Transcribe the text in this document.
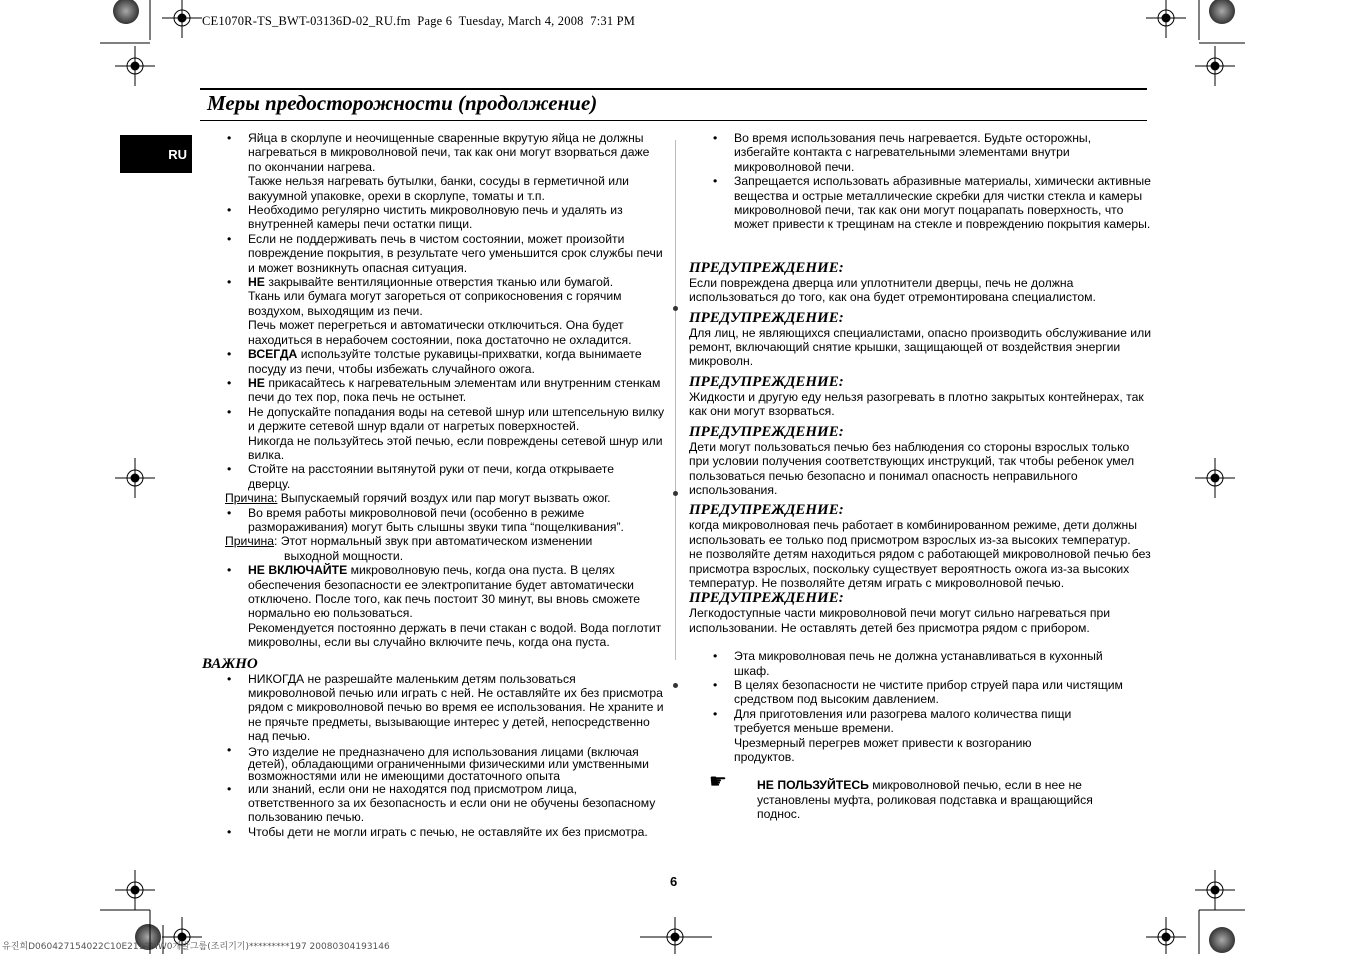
CE1070R-TS_BWT-03136D-02_RU.fm  Page 6  Tuesday, March 4, 2008  7:31 PM
Меры предосторожности (продолжение)
RU
• Яйца в скорлупе и неочищенные сваренные вкрутую яйца не должны нагреваться в микроволновой печи, так как они могут взорваться даже по окончании нагрева.
Также нельзя нагревать бутылки, банки, сосуды в герметичной или вакуумной упаковке, орехи в скорлупе, томаты и т.п.
• Необходимо регулярно чистить микроволновую печь и удалять из внутренней камеры печи остатки пищи.
• Если не поддерживать печь в чистом состоянии, может произойти повреждение покрытия, в результате чего уменьшится срок службы печи и может возникнуть опасная ситуация.
• НЕ закрывайте вентиляционные отверстия тканью или бумагой.
Ткань или бумага могут загореться от соприкосновения с горячим воздухом, выходящим из печи.
Печь может перегреться и автоматически отключиться. Она будет находиться в нерабочем состоянии, пока достаточно не охладится.
• ВСЕГДА используйте толстые рукавицы-прихватки, когда вынимаете посуду из печи, чтобы избежать случайного ожога.
• НЕ прикасайтесь к нагревательным элементам или внутренним стенкам печи до тех пор, пока печь не остынет.
• Не допускайте попадания воды на сетевой шнур или штепсельную вилку и держите сетевой шнур вдали от нагретых поверхностей.
Никогда не пользуйтесь этой печью, если повреждены сетевой шнур или вилка.
• Стойте на расстоянии вытянутой руки от печи, когда открываете дверцу.
Причина: Выпускаемый горячий воздух или пар могут вызвать ожог.
• Во время работы микроволновой печи (особенно в режиме размораживания) могут быть слышны звуки типа “пощелкивания”.
Причина: Этот нормальный звук при автоматическом изменении выходной мощности.
• НЕ ВКЛЮЧАЙТЕ микроволновую печь, когда она пуста. В целях обеспечения безопасности ее электропитание будет автоматически отключено. После того, как печь постоит 30 минут, вы вновь сможете нормально ею пользоваться.
Рекомендуется постоянно держать в печи стакан с водой. Вода поглотит микроволны, если вы случайно включите печь, когда она пуста.
ВАЖНО
• НИКОГДА не разрешайте маленьким детям пользоваться микроволновой печью или играть с ней. Не оставляйте их без присмотра рядом с микроволновой печью во время ее использования. Не храните и не прячьте предметы, вызывающие интерес у детей, непосредственно над печью.
• Это изделие не предназначено для использования лицами (включая детей), обладающими ограниченными физическими или умственными возможностями или не имеющими достаточного опыта
• или знаний, если они не находятся под присмотром лица, ответственного за их безопасность и если они не обучены безопасному пользованию печью.
• Чтобы дети не могли играть с печью, не оставляйте их без присмотра.
• Во время использования печь нагревается. Будьте осторожны, избегайте контакта с нагревательными элементами внутри микроволновой печи.
• Запрещается использовать абразивные материалы, химически активные вещества и острые металлические скребки для чистки стекла и камеры микроволновой печи, так как они могут поцарапать поверхность, что может привести к трещинам на стекле и повреждению покрытия камеры.
ПРЕДУПРЕЖДЕНИЕ:
Если повреждена дверца или уплотнители дверцы, печь не должна использоваться до того, как она будет отремонтирована специалистом.
ПРЕДУПРЕЖДЕНИЕ:
Для лиц, не являющихся специалистами, опасно производить обслуживание или ремонт, включающий снятие крышки, защищающей от воздействия энергии микроволн.
ПРЕДУПРЕЖДЕНИЕ:
Жидкости и другую еду нельзя разогревать в плотно закрытых контейнерах, так как они могут взорваться.
ПРЕДУПРЕЖДЕНИЕ:
Дети могут пользоваться печью без наблюдения со стороны взрослых только при условии получения соответствующих инструкций, так чтобы ребенок умел пользоваться печью безопасно и понимал опасность неправильного использования.
ПРЕДУПРЕЖДЕНИЕ:
когда микроволновая печь работает в комбинированном режиме, дети должны использовать ее только под присмотром взрослых из-за высоких температур.
не позволяйте детям находиться рядом с работающей микроволновой печью без присмотра взрослых, поскольку существует вероятность ожога из-за высоких температур. Не позволяйте детям играть с микроволновой печью.
ПРЕДУПРЕЖДЕНИЕ:
Легкодоступные части микроволновой печи могут сильно нагреваться при использовании. Не оставлять детей без присмотра рядом с прибором.
• Эта микроволновая печь не должна устанавливаться в кухонный шкаф.
• В целях безопасности не чистите прибор струей пара или чистящим средством под высоким давлением.
• Для приготовления или разогрева малого количества пищи требуется меньше времени.
Чрезмерный перегрев может привести к возгоранию продуктов.
☛ НЕ ПОЛЬЗУЙТЕСЬ микроволновой печью, если в нее не установлены муфта, роликовая подставка и вращающийся поднос.
6
유진희D060427154022C10E2112MW0개발그룹(조리기기)*********197 20080304193146
